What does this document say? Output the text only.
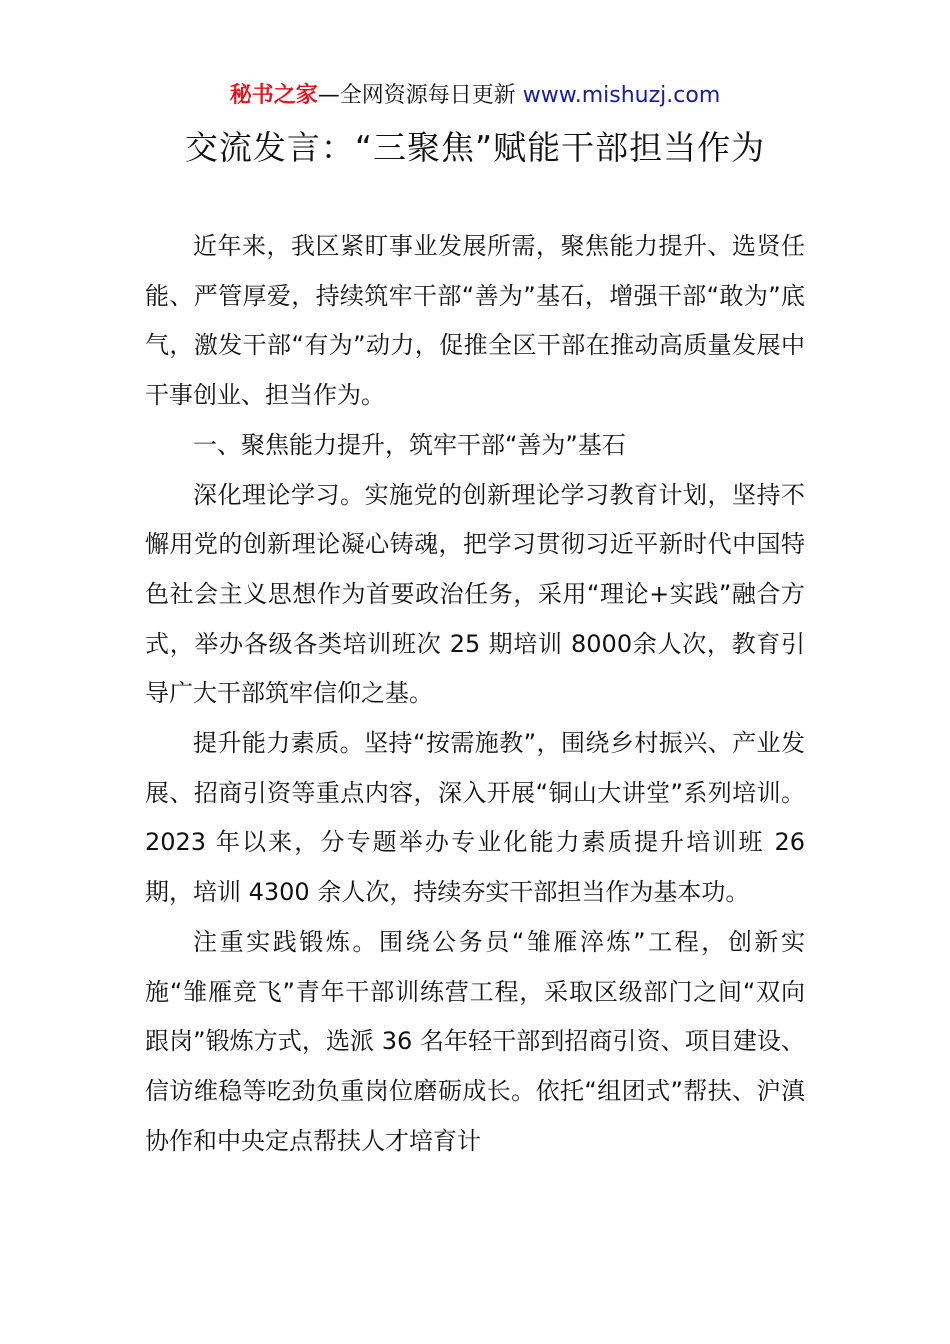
秘书之家—全网资源每日更新 www.mishuzj.com
交流发言：“三聚焦”赋能干部担当作为

近年来，我区紧盯事业发展所需，聚焦能力提升、选贤任能、严管厚爱，持续筑牢干部“善为”基石，增强干部“敢为”底气，激发干部“有为”动力，促推全区干部在推动高质量发展中干事创业、担当作为。

一、聚焦能力提升，筑牢干部“善为”基石

深化理论学习。实施党的创新理论学习教育计划，坚持不懈用党的创新理论凝心铸魂，把学习贯彻习近平新时代中国特色社会主义思想作为首要政治任务，采用“理论+实践”融合方式，举办各级各类培训班次 25 期培训 8000余人次，教育引导广大干部筑牢信仰之基。

提升能力素质。坚持“按需施教”，围绕乡村振兴、产业发展、招商引资等重点内容，深入开展“铜山大讲堂”系列培训。2023 年以来，分专题举办专业化能力素质提升培训班 26 期，培训 4300 余人次，持续夯实干部担当作为基本功。

注重实践锻炼。围绕公务员“雏雁淬炼”工程，创新实施“雏雁竞飞”青年干部训练营工程，采取区级部门之间“双向跟岗”锻炼方式，选派 36 名年轻干部到招商引资、项目建设、信访维稳等吃劲负重岗位磨砺成长。依托“组团式”帮扶、沪滇协作和中央定点帮扶人才培育计
